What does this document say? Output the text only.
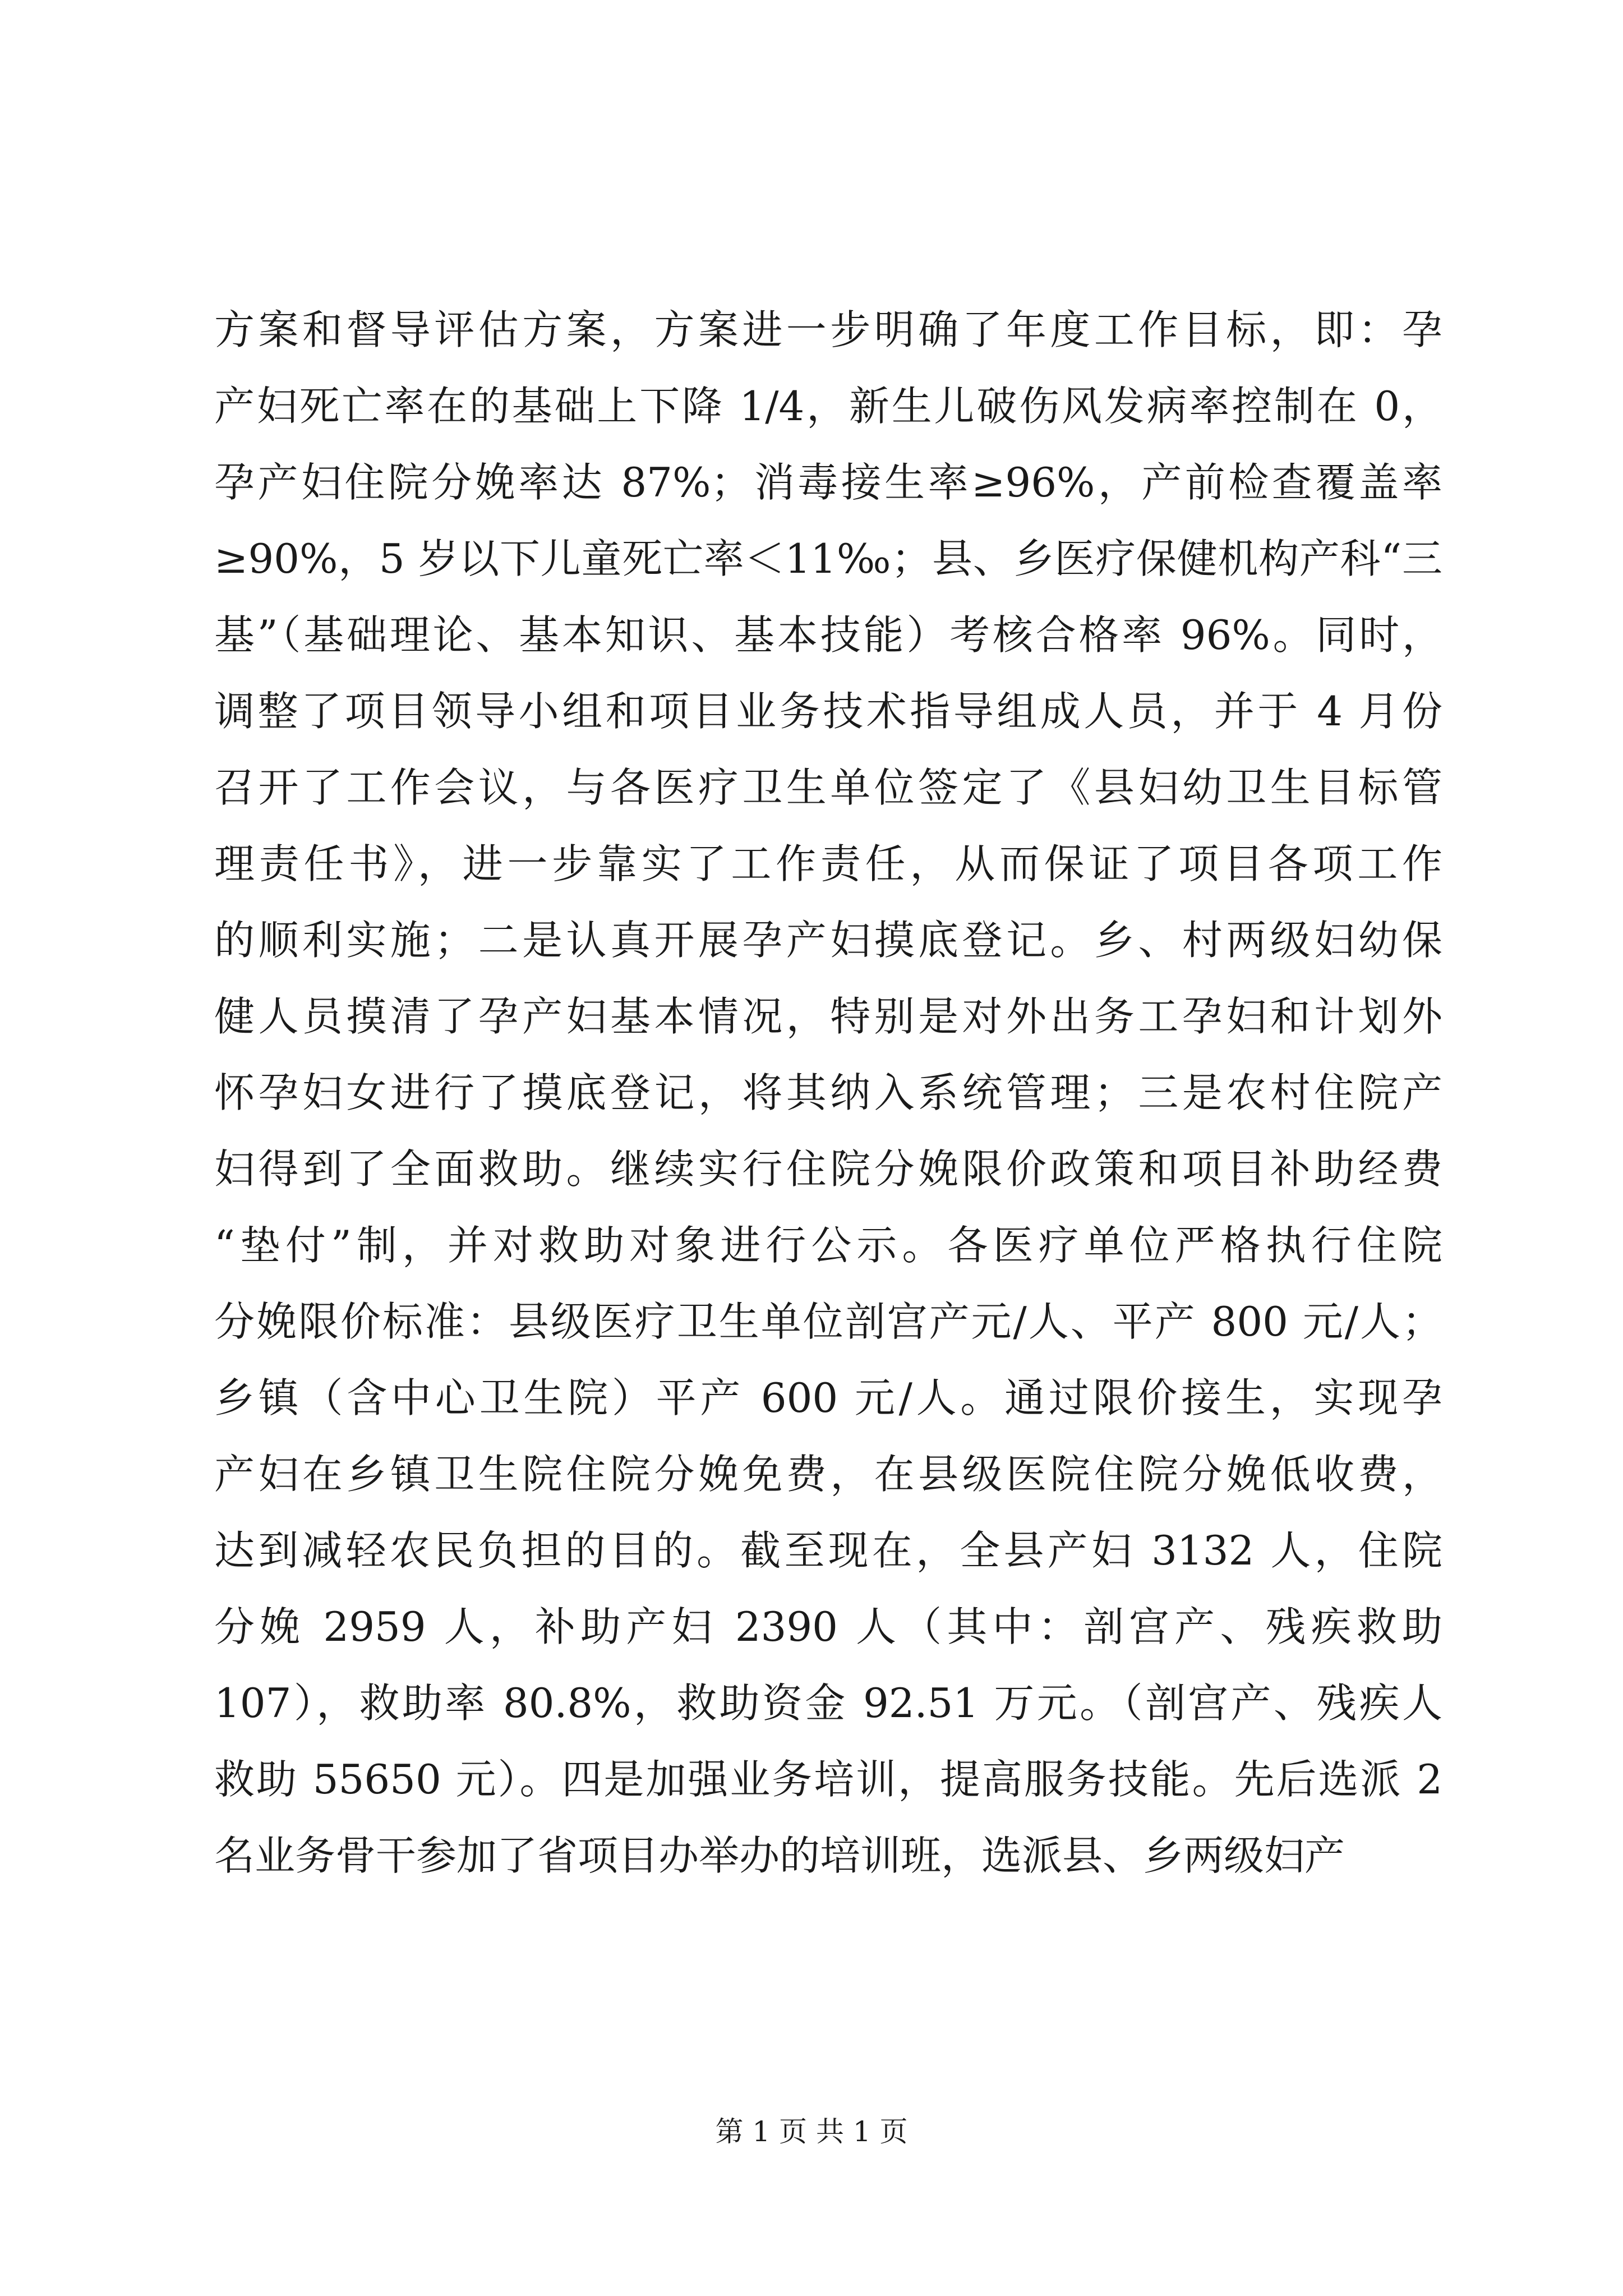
方案和督导评估方案，方案进一步明确了年度工作目标，即：孕
产妇死亡率在的基础上下降 1/4，新生儿破伤风发病率控制在 0，
孕产妇住院分娩率达 87%；消毒接生率≥96%，产前检查覆盖率
≥90%，5 岁以下儿童死亡率＜11‰；县、乡医疗保健机构产科“三
基”（基础理论、基本知识、基本技能）考核合格率 96%。同时，
调整了项目领导小组和项目业务技术指导组成人员，并于 4 月份
召开了工作会议，与各医疗卫生单位签定了《县妇幼卫生目标管
理责任书》，进一步靠实了工作责任，从而保证了项目各项工作
的顺利实施；二是认真开展孕产妇摸底登记。乡、村两级妇幼保
健人员摸清了孕产妇基本情况，特别是对外出务工孕妇和计划外
怀孕妇女进行了摸底登记，将其纳入系统管理；三是农村住院产
妇得到了全面救助。继续实行住院分娩限价政策和项目补助经费
“垫付”制，并对救助对象进行公示。各医疗单位严格执行住院
分娩限价标准：县级医疗卫生单位剖宫产元/人、平产 800 元/人；
乡镇（含中心卫生院）平产 600 元/人。通过限价接生，实现孕
产妇在乡镇卫生院住院分娩免费，在县级医院住院分娩低收费，
达到减轻农民负担的目的。截至现在，全县产妇 3132 人，住院
分娩 2959 人，补助产妇 2390 人（其中：剖宫产、残疾救助
107），救助率 80.8%，救助资金 92.51 万元。（剖宫产、残疾人
救助 55650 元）。四是加强业务培训，提高服务技能。先后选派 2
名业务骨干参加了省项目办举办的培训班，选派县、乡两级妇产
第 1 页 共 1 页
